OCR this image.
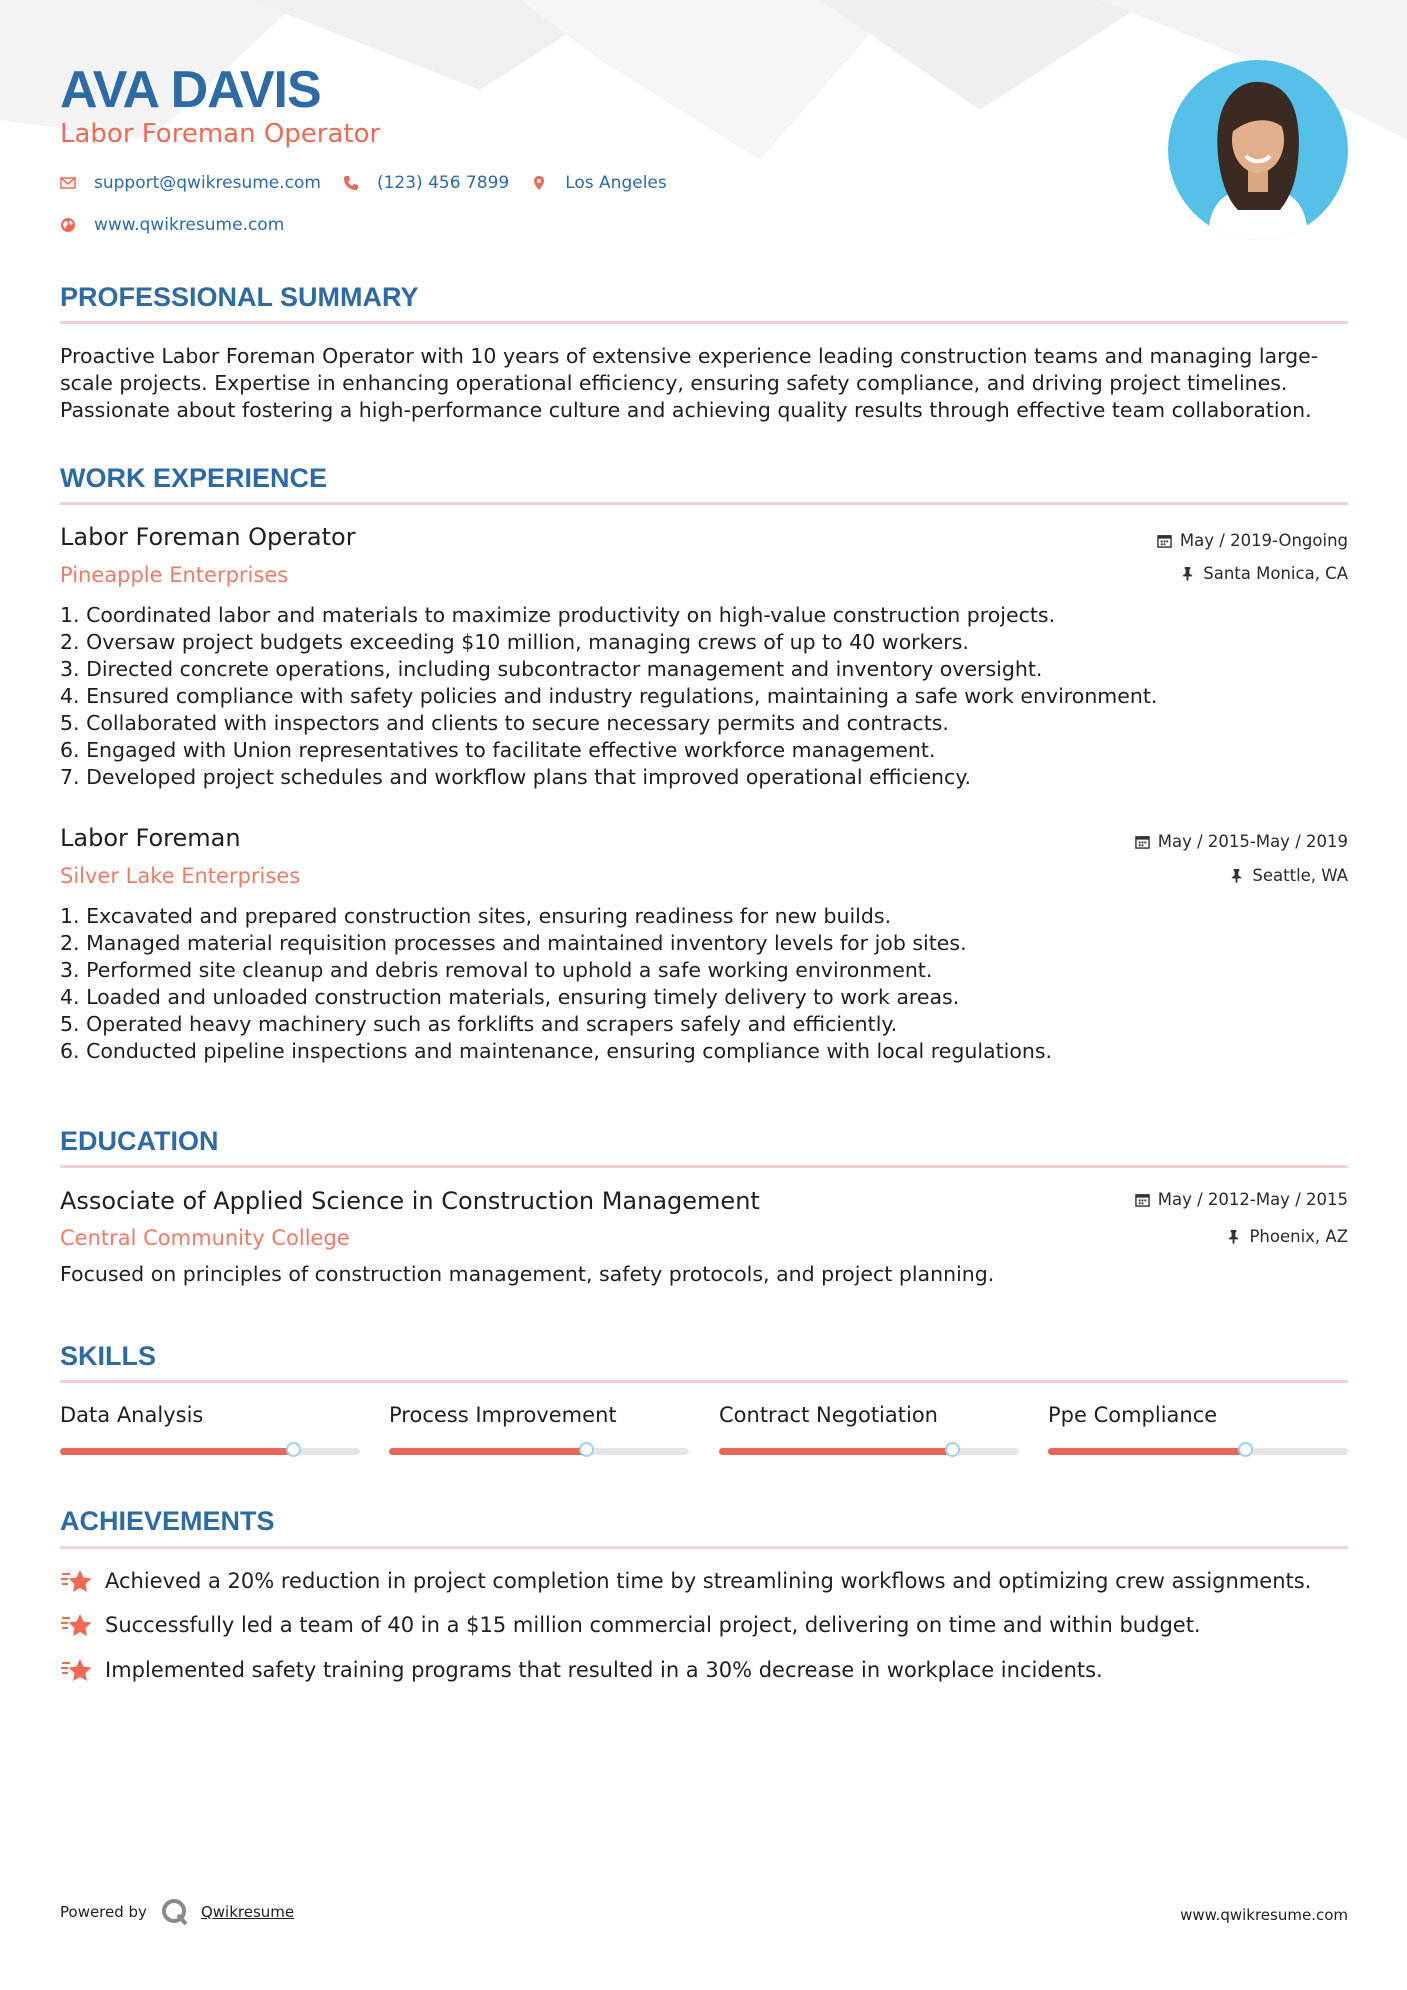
AVA DAVIS
Labor Foreman Operator
support@qwikresume.com	(123) 456 7899	Los Angeles
www.qwikresume.com
PROFESSIONAL SUMMARY
Proactive Labor Foreman Operator with 10 years of extensive experience leading construction teams and managing large-scale projects. Expertise in enhancing operational efficiency, ensuring safety compliance, and driving project timelines. Passionate about fostering a high-performance culture and achieving quality results through effective team collaboration.
WORK EXPERIENCE
Labor Foreman Operator
Pineapple Enterprises
May / 2019-Ongoing
Santa Monica, CA
1. Coordinated labor and materials to maximize productivity on high-value construction projects.
2. Oversaw project budgets exceeding $10 million, managing crews of up to 40 workers.
3. Directed concrete operations, including subcontractor management and inventory oversight.
4. Ensured compliance with safety policies and industry regulations, maintaining a safe work environment.
5. Collaborated with inspectors and clients to secure necessary permits and contracts.
6. Engaged with Union representatives to facilitate effective workforce management.
7. Developed project schedules and workflow plans that improved operational efficiency.
Labor Foreman
Silver Lake Enterprises
May / 2015-May / 2019
Seattle, WA
1. Excavated and prepared construction sites, ensuring readiness for new builds.
2. Managed material requisition processes and maintained inventory levels for job sites.
3. Performed site cleanup and debris removal to uphold a safe working environment.
4. Loaded and unloaded construction materials, ensuring timely delivery to work areas.
5. Operated heavy machinery such as forklifts and scrapers safely and efficiently.
6. Conducted pipeline inspections and maintenance, ensuring compliance with local regulations.
EDUCATION
Associate of Applied Science in Construction Management
Central Community College
May / 2012-May / 2015
Phoenix, AZ
Focused on principles of construction management, safety protocols, and project planning.
SKILLS
Data Analysis	Process Improvement	Contract Negotiation	Ppe Compliance
ACHIEVEMENTS
Achieved a 20% reduction in project completion time by streamlining workflows and optimizing crew assignments.
Successfully led a team of 40 in a $15 million commercial project, delivering on time and within budget.
Implemented safety training programs that resulted in a 30% decrease in workplace incidents.
Powered by	Qwikresume	www.qwikresume.com
